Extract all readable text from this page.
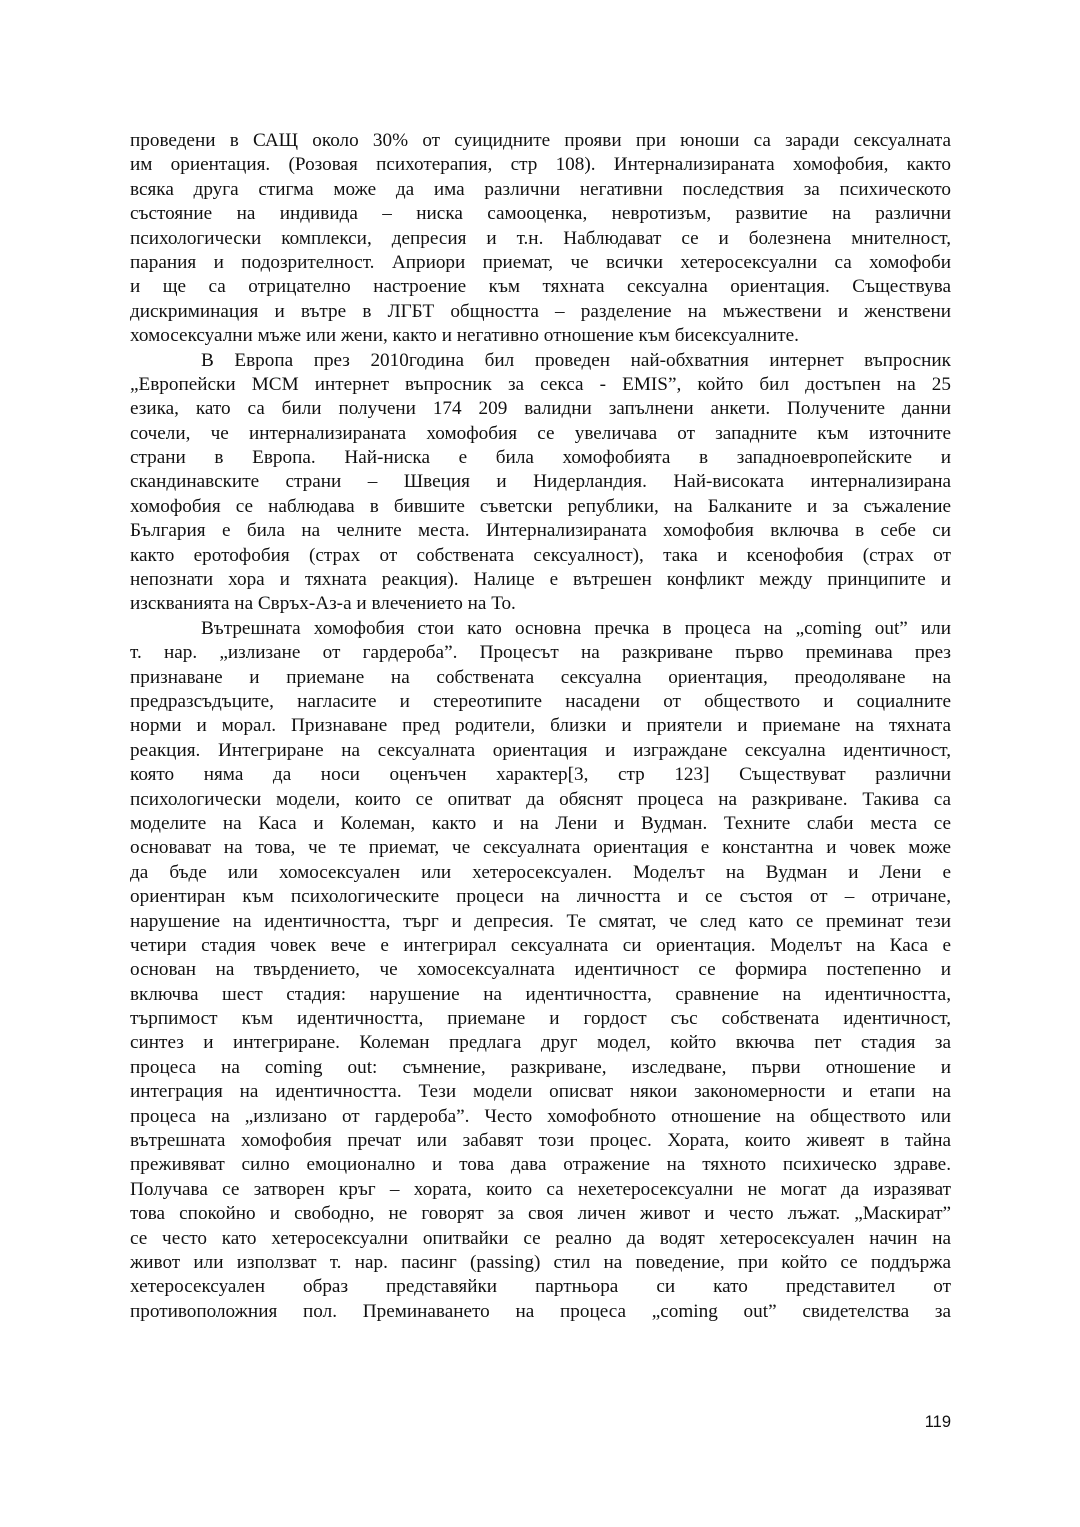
проведени в САЩ около 30% от суицидните прояви при юноши са заради сексуалната
им ориентация. (Розовая психотерапия, стр 108). Интернализираната хомофобия, както
всяка друга стигма може да има различни негативни последствия за психическото
състояние на индивида – ниска самооценка, невротизъм, развитие на различни
психологически комплекси, депресия и т.н. Наблюдават се и болезнена мнителност,
парания и подозрителност. Априори приемат, че всички хетеросексуални са хомофоби
и ще са отрицателно настроение към тяхната сексуална ориентация. Съществува
дискриминация и вътре в ЛГБТ общността – разделение на мъжествени и женствени
хомосексуални мъже или жени, както и негативно отношение към бисексуалните.
В Европа през 2010година бил проведен най-обхватния интернет въпросник
„Европейски МСМ интернет въпросник за секса - EMIS”, който бил достъпен на 25
езика, като са били получени 174 209 валидни запълнени анкети. Получените данни
сочели, че интернализираната хомофобия се увеличава от западните към източните
страни в Европа. Най-ниска е била хомофобията в западноевропейските и
скандинавските страни – Швеция и Нидерландия. Най-високата интернализирана
хомофобия се наблюдава в бившите съветски републики, на Балканите и за съжаление
България е била на челните места. Интернализираната хомофобия включва в себе си
както еротофобия (страх от собствената сексуалност), така и ксенофобия (страх от
непознати хора и тяхната реакция). Налице е вътрешен конфликт между принципите и
изскванията на Свръх-Аз-а и влечението на То.
Вътрешната хомофобия стои като основна пречка в процеса на „coming out” или
т. нар. „излизане от гардероба”. Процесът на разкриване първо преминава през
признаване и приемане на собствената сексуална ориентация, преодоляване на
предразсъдъците, нагласите и стереотипите насадени от обществото и социалните
норми и морал. Признаване пред родители, близки и приятели и приемане на тяхната
реакция. Интегриране на сексуалната ориентация и изграждане сексуална идентичност,
която няма да носи оценъчен характер[3, стр 123] Съществуват различни
психологически модели, които се опитват да обяснят процеса на разкриване. Такива са
моделите на Каса и Колеман, както и на Лени и Вудман. Техните слаби места се
основават на това, че те приемат, че сексуалната ориентация е константна и човек може
да бъде или хомосексуален или хетеросексуален. Моделът на Вудман и Лени е
ориентиран към психологическите процеси на личността и се състоя от – отричане,
нарушение на идентичността, търг и депресия. Те смятат, че след като се преминат тези
четири стадия човек вече е интегрирал сексуалната си ориентация. Моделът на Каса е
основан на твърдението, че хомосексуалната идентичност се формира постепенно и
включва шест стадия: нарушение на идентичността, сравнение на идентичността,
търпимост към идентичността, приемане и гордост със собствената идентичност,
синтез и интегриране. Колеман предлага друг модел, който вкючва пет стадия за
процеса на coming out: съмнение, разкриване, изследване, първи отношение и
интеграция на идентичността. Тези модели описват някои закономерности и етапи на
процеса на „излизано от гардероба”. Често хомофобното отношение на обществото или
вътрешната хомофобия пречат или забавят този процес. Хората, които живеят в тайна
преживяват силно емоционално и това дава отражение на тяхното психическо здраве.
Получава се затворен кръг – хората, които са нехетеросексуални не могат да изразяват
това спокойно и свободно, не говорят за своя личен живот и често лъжат. „Маскират”
се често като хетеросексуални опитвайки се реално да водят хетеросексуален начин на
живот или използват т. нар. пасинг (passing) стил на поведение, при който се поддържа
хетеросексуален образ представяйки партньора си като представител от
противоположния пол. Преминаването на процеса „coming out” свидетелства за
119
